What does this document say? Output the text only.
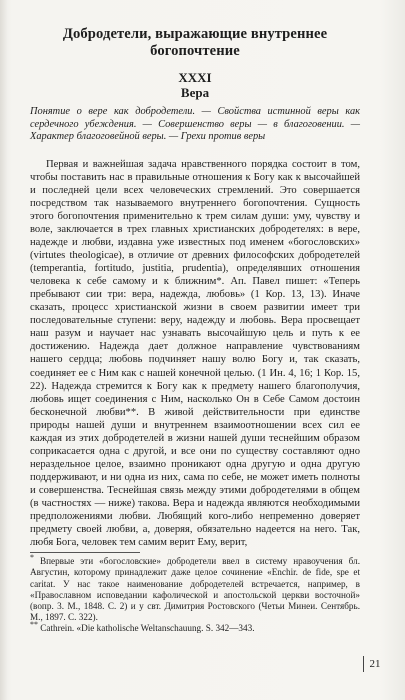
Добродетели, выражающие внутреннее богопочтение
XXXI
Вера

Понятие о вере как добродетели. — Свойства истинной веры как сердечного убеждения. — Совершенство веры — в благоговении. — Характер благоговейной веры. — Грехи против веры

Первая и важнейшая задача нравственного порядка состоит в том, чтобы поставить нас в правильные отношения к Богу как к высочайшей и последней цели всех человеческих стремлений. Это совершается посредством так называемого внутреннего богопочтения. Сущность этого богопочтения применительно к трем силам души: уму, чувству и воле, заключается в трех главных христианских добродетелях: в вере, надежде и любви, издавна уже известных под именем «богословских» (virtutes theologicae), в отличие от древних философских добродетелей (temperantia, fortitudo, justitia, prudentia), определявших отношения человека к себе самому и к ближним*. Ап. Павел пишет: «Теперь пребывают сии три: вера, надежда, любовь» (1 Кор. 13, 13). Иначе сказать, процесс христианской жизни в своем развитии имеет три последовательные ступени: веру, надежду и любовь. Вера просвещает наш разум и научает нас узнавать высочайшую цель и путь к ее достижению. Надежда дает должное направление чувствованиям нашего сердца; любовь подчиняет нашу волю Богу и, так сказать, соединяет ее с Ним как с нашей конечной целью. (1 Ин. 4, 16; 1 Кор. 15, 22). Надежда стремится к Богу как к предмету нашего благополучия, любовь ищет соединения с Ним, насколько Он в Себе Самом достоин бесконечной любви**. В живой действительности при единстве природы нашей души и внутреннем взаимоотношении всех сил ее каждая из этих добродетелей в жизни нашей души теснейшим образом соприкасается одна с другой, и все они по существу составляют одно нераздельное целое, взаимно проникают одна другую и одна другую поддерживают, и ни одна из них, сама по себе, не может иметь полноты и совершенства. Теснейшая связь между этими добродетелями в общем (в частностях — ниже) такова. Вера и надежда являются необходимыми предположениями любви. Любящий кого-либо непременно доверяет предмету своей любви, а, доверяя, обязательно надеется на него. Так, любя Бога, человек тем самим верит Ему, верит,

* Впервые эти «богословские» добродетели ввел в систему нравоучения бл. Августин, которому принадлежит даже целое сочинение «Enchir. de fide, spe et caritat. У нас такое наименование добродетелей встречается, например, в «Православном исповедании кафолической и апостольской церкви восточной» (вопр. 3. М., 1848. С. 2) и у свт. Димитрия Ростовского (Четьи Минеи. Сентябрь. М., 1897. С. 322).

** Cathrein. «Die katholische Weltanschauung. S. 342—343.

21
